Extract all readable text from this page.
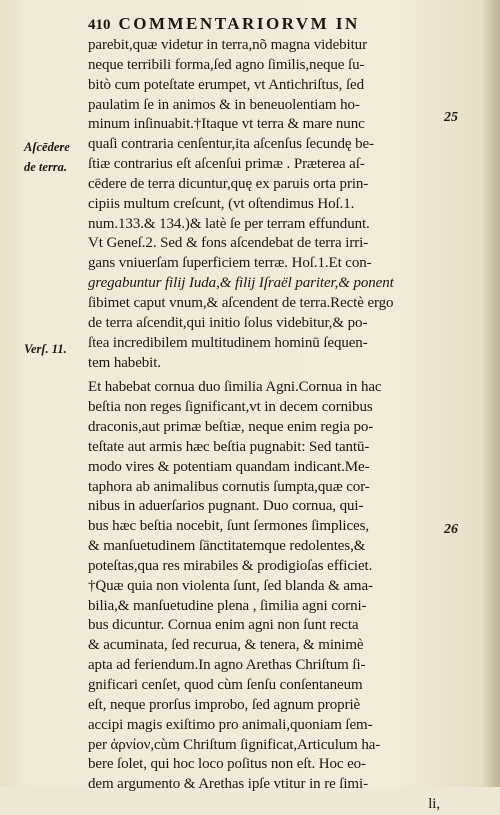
410 COMMENTARIORVM IN
Aſcēdere
de terra.
Verſ. 11.
25
26
parebit,quæ videtur in terra,nõ magna videbitur
neque terribili forma,ſed agno ſimilis,neque ſu-
bitò cum poteſtate erumpet, vt Antichriſtus, ſed
paulatim ſe in animos & in beneuolentiam ho-
minum inſinuabit.†Itaque vt terra & mare nunc
quaſi contraria cenſentur,ita aſcenſus ſecundę be-
ſtiæ contrarius eſt aſcenſui primæ . Præterea aſ-
cēdere de terra dicuntur,quę ex paruis orta prin-
cipiis multum creſcunt, (vt oſtendimus Hoſ.1.
num.133.& 134.)& latè ſe per terram effundunt.
Vt Geneſ.2. Sed & fons aſcendebat de terra irri-
gans vniuerſam ſuperficiem terræ. Hoſ.1.Et con-
gregabuntur filij Iuda,& filij Iſraël pariter,& ponent
ſibimet caput vnum,& aſcendent de terra.Rectè ergo
de terra aſcendit,qui initio ſolus videbitur,& po-
ſtea incredibilem multitudinem hominū ſequen-
tem habebit.
Et habebat cornua duo ſimilia Agni.Cornua in hac
beſtia non reges ſignificant,vt in decem cornibus
draconis,aut primæ beſtiæ, neque enim regia po-
teſtate aut armis hæc beſtia pugnabit: Sed tantū-
modo vires & potentiam quandam indicant.Me-
taphora ab animalibus cornutis ſumpta,quæ cor-
nibus in aduerſarios pugnant. Duo cornua, qui-
bus hæc beſtia nocebit, ſunt ſermones ſimplices,
& manſuetudinem ſānctitatemque redolentes,&
poteſtas,qua res mirabiles & prodigioſas efficiet.
†Quæ quia non violenta ſunt, ſed blanda & ama-
bilia,& manſuetudine plena , ſimilia agni corni-
bus dicuntur. Cornua enim agni non ſunt recta
& acuminata, ſed recurua, & tenera, & minimè
apta ad feriendum.In agno Arethas Chriſtum ſi-
gnificari cenſet, quod cùm ſenſu conſentaneum
eſt, neque prorſus improbo, ſed agnum propriè
accipi magis exiſtimo pro animali,quoniam ſem-
per ἀρνίον,cùm Chriſtum ſignificat,Articulum ha-
bere ſolet, qui hoc loco poſitus non eſt. Hoc eo-
dem argumento & Arethas ipſe vtitur in re ſimi-
li,
